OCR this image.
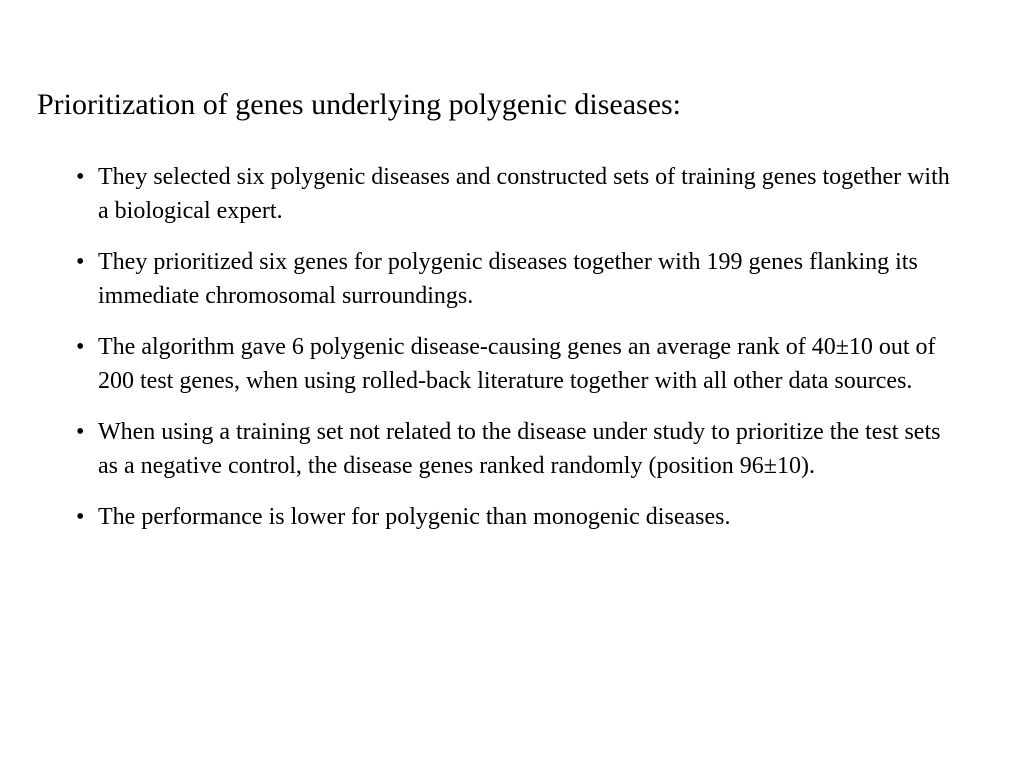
Prioritization of genes underlying polygenic diseases:
• They selected six polygenic diseases and constructed sets of training genes together with a biological expert.
• They prioritized six genes for polygenic diseases together with 199 genes flanking its immediate chromosomal surroundings.
• The algorithm gave 6 polygenic disease-causing genes an average rank of 40±10 out of 200 test genes, when using rolled-back literature together with all other data sources.
• When using a training set not related to the disease under study to prioritize the test sets as a negative control, the disease genes ranked randomly (position 96±10).
• The performance is lower for polygenic than monogenic diseases.
